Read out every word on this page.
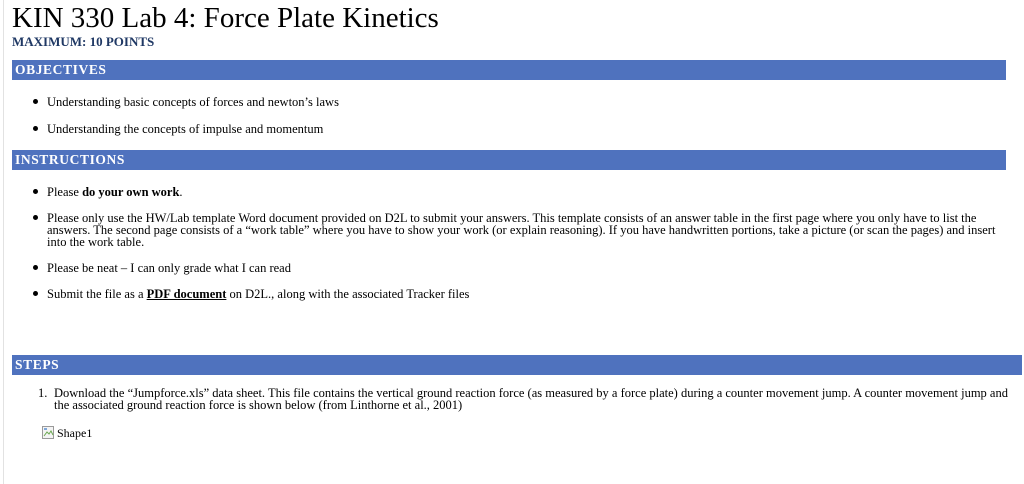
KIN 330 Lab 4: Force Plate Kinetics

MAXIMUM: 10 POINTS

OBJECTIVES
Understanding basic concepts of forces and newton’s laws
Understanding the concepts of impulse and momentum
INSTRUCTIONS
Please do your own work.
Please only use the HW/Lab template Word document provided on D2L to submit your answers. This template consists of an answer table in the first page where you only have to list the answers. The second page consists of a “work table” where you have to show your work (or explain reasoning). If you have handwritten portions, take a picture (or scan the pages) and insert into the work table.
Please be neat – I can only grade what I can read
Submit the file as a PDF document on D2L., along with the associated Tracker files
STEPS

1. Download the “Jumpforce.xls” data sheet. This file contains the vertical ground reaction force (as measured by a force plate) during a counter movement jump. A counter movement jump and the associated ground reaction force is shown below (from Linthorne et al., 2001)

Shape1
